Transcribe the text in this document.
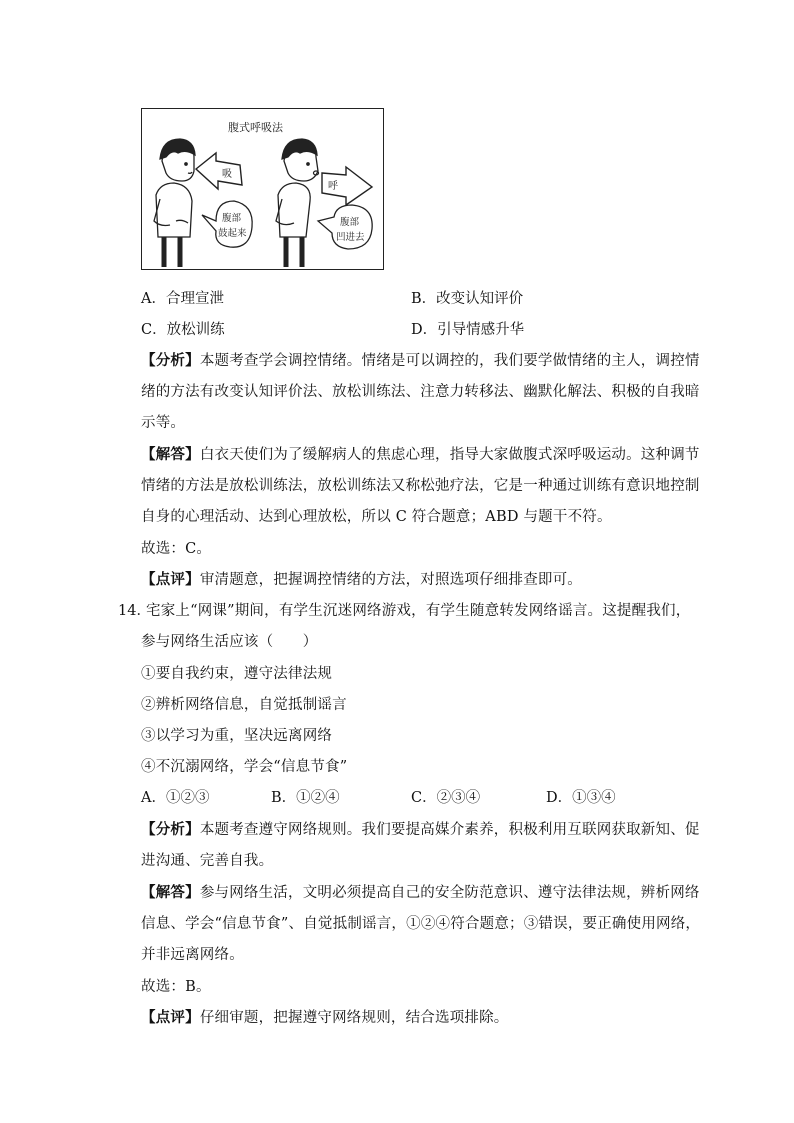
腹式呼吸法
吸
腹部
鼓起来
呼
腹部
凹进去
A．合理宣泄	B．改变认知评价
C．放松训练	D．引导情感升华
【分析】本题考查学会调控情绪。情绪是可以调控的，我们要学做情绪的主人，调控情
绪的方法有改变认知评价法、放松训练法、注意力转移法、幽默化解法、积极的自我暗
示等。
【解答】白衣天使们为了缓解病人的焦虑心理，指导大家做腹式深呼吸运动。这种调节
情绪的方法是放松训练法，放松训练法又称松弛疗法，它是一种通过训练有意识地控制
自身的心理活动、达到心理放松，所以 C 符合题意；ABD 与题干不符。
故选：C。
【点评】审清题意，把握调控情绪的方法，对照选项仔细排查即可。
14．
宅家上“网课”期间，有学生沉迷网络游戏，有学生随意转发网络谣言。这提醒我们，
参与网络生活应该（　　）
①要自我约束，遵守法律法规
②辨析网络信息，自觉抵制谣言
③以学习为重，坚决远离网络
④不沉溺网络，学会“信息节食”
A．①②③	B．①②④	C．②③④	D．①③④
【分析】本题考查遵守网络规则。我们要提高媒介素养，积极利用互联网获取新知、促
进沟通、完善自我。
【解答】参与网络生活，文明必须提高自己的安全防范意识、遵守法律法规，辨析网络
信息、学会“信息节食”、自觉抵制谣言，①②④符合题意；③错误，要正确使用网络，
并非远离网络。
故选：B。
【点评】仔细审题，把握遵守网络规则，结合选项排除。
